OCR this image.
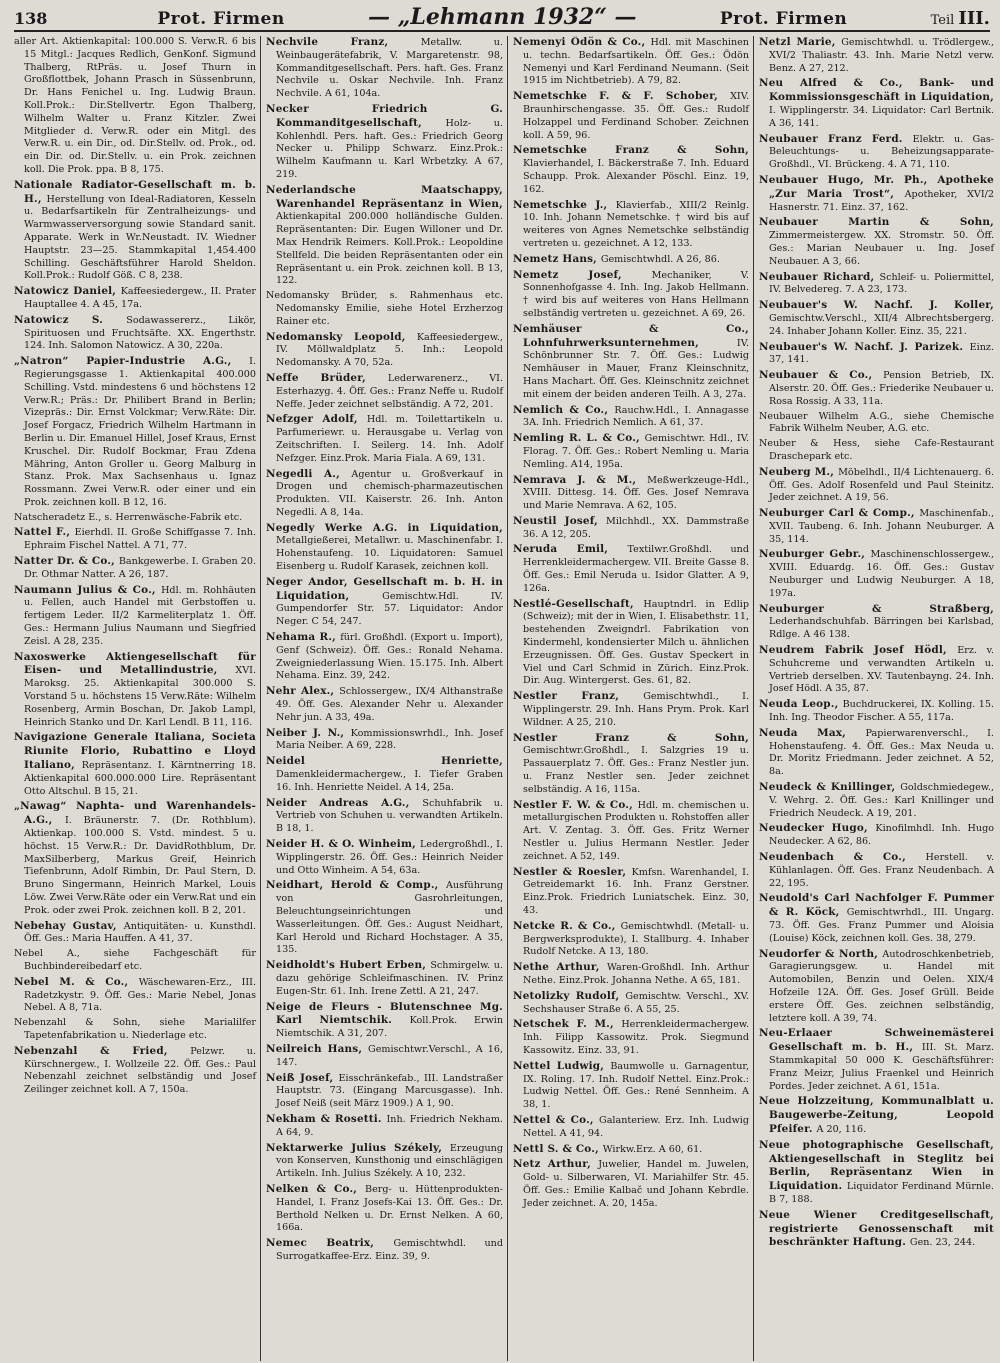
138	Prot. Firmen	— „Lehmann 1932“ —	Prot. Firmen	Teil III.
aller Art. Aktienkapital: 100.000 S. Verw.R. 6 bis 15 Mitgl.: Jacques Redlich, GenKonf. Sigmund Thalberg, RtPräs. u. Josef Thurn in Großflottbek, Johann Prasch in Süssenbrunn, Dr. Hans Fenichel u. Ing. Ludwig Braun. Koll.Prok.: Dir.Stellvertr. Egon Thalberg, Wilhelm Walter u. Franz Kitzler. Zwei Mitglieder d. Verw.R. oder ein Mitgl. des Verw.R. u. ein Dir., od. Dir.Stellv. od. Prok., od. ein Dir. od. Dir.Stellv. u. ein Prok. zeichnen koll. Die Prok. ppa. B 8, 175.
Nationale Radiator-Gesellschaft m. b. H., Herstellung von Ideal-Radiatoren, Kesseln u. Bedarfsartikeln für Zentralheizungs- und Warmwasserversorgung sowie Standard sanit. Apparate. Werk in Wr.Neustadt. IV. Wiedner Hauptstr. 23—25. Stammkapital 1,454.400 Schilling. Geschäftsführer Harold Sheldon. Koll.Prok.: Rudolf Göß. C 8, 238.
Natowicz Daniel, Kaffeesiedergew., II. Prater Hauptallee 4. A 45, 17a.
Natowicz S. Sodawassererz., Likör, Spirituosen und Fruchtsäfte. XX. Engerthstr. 124. Inh. Salomon Natowicz. A 30, 220a.
„Natron“ Papier-Industrie A.G., I. Regierungsgasse 1. Aktienkapital 400.000 Schilling. Vstd. mindestens 6 und höchstens 12 Verw.R.; Präs.: Dr. Philibert Brand in Berlin; Vizepräs.: Dir. Ernst Volckmar; Verw.Räte: Dir. Josef Forgacz, Friedrich Wilhelm Hartmann in Berlin u. Dir. Emanuel Hillel, Josef Kraus, Ernst Kruschel. Dir. Rudolf Bockmar, Frau Zdena Mähring, Anton Groller u. Georg Malburg in Stanz. Prok. Max Sachsenhaus u. Ignaz Rossmann. Zwei Verw.R. oder einer und ein Prok. zeichnen koll. B 12, 16.
Natscheradetz E., s. Herrenwäsche-Fabrik etc.
Nattel F., Eierhdl. II. Große Schiffgasse 7. Inh. Ephraim Fischel Nattel. A 71, 77.
Natter Dr. & Co., Bankgewerbe. I. Graben 20. Dr. Othmar Natter. A 26, 187.
Naumann Julius & Co., Hdl. m. Rohhäuten u. Fellen, auch Handel mit Gerbstoffen u. fertigem Leder. II/2 Karmeliterplatz 1. Öff. Ges.: Hermann Julius Naumann und Siegfried Zeisl. A 28, 235.
Naxoswerke Aktiengesellschaft für Eisen- und Metallindustrie, XVI. Maroksg. 25. Aktienkapital 300.000 S. Vorstand 5 u. höchstens 15 Verw.Räte: Wilhelm Rosenberg, Armin Boschan, Dr. Jakob Lampl, Heinrich Stanko und Dr. Karl Lendl. B 11, 116.
Navigazione Generale Italiana, Societa Riunite Florio, Rubattino e Lloyd Italiano, Repräsentanz. I. Kärntnerring 18. Aktienkapital 600.000.000 Lire. Repräsentant Otto Altschul. B 15, 21.
„Nawag“ Naphta- und Warenhandels-A.G., I. Bräunerstr. 7. (Dr. Rothblum). Aktienkap. 100.000 S. Vstd. mindest. 5 u. höchst. 15 Verw.R.: Dr. DavidRothblum, Dr. MaxSilberberg, Markus Greif, Heinrich Tiefenbrunn, Adolf Rimbin, Dr. Paul Stern, D. Bruno Singermann, Heinrich Markel, Louis Löw. Zwei Verw.Räte oder ein Verw.Rat und ein Prok. oder zwei Prok. zeichnen koll. B 2, 201.
Nebehay Gustav, Antiquitäten- u. Kunsthdl. Öff. Ges.: Maria Hauffen. A 41, 37.
Nebel A., siehe Fachgeschäft für Buchbindereibedarf etc.
Nebel M. & Co., Wäschewaren-Erz., III. Radetzkystr. 9. Öff. Ges.: Marie Nebel, Jonas Nebel. A 8, 71a.
Nebenzahl & Sohn, siehe Marialilfer Tapetenfabrikation u. Niederlage etc.
Nebenzahl & Fried, Pelzwr. u. Kürschnergew., I. Wollzeile 22. Öff. Ges.: Paul Nebenzahl zeichnet selbständig und Josef Zeilinger zeichnet koll. A 7, 150a.
Nechvile Franz, Metallw. u. Weinbaugerätefabrik, V. Margaretenstr. 98, Kommanditgesellschaft. Pers. haft. Ges. Franz Nechvile u. Oskar Nechvile. Inh. Franz Nechvile. A 61, 104a.
Necker Friedrich G. Kommanditgesellschaft, Holz- u. Kohlenhdl. Pers. haft. Ges.: Friedrich Georg Necker u. Philipp Schwarz. Einz.Prok.: Wilhelm Kaufmann u. Karl Wrbetzky. A 67, 219.
Nederlandsche Maatschappy, Warenhandel Repräsentanz in Wien, Aktienkapital 200.000 holländische Gulden. Repräsentanten: Dir. Eugen Willoner und Dr. Max Hendrik Reimers. Koll.Prok.: Leopoldine Stellfeld. Die beiden Repräsentanten oder ein Repräsentant u. ein Prok. zeichnen koll. B 13, 122.
Nedomansky Brüder, s. Rahmenhaus etc. Nedomansky Emilie, siehe Hotel Erzherzog Rainer etc.
Nedomansky Leopold, Kaffeesiedergew., IV. Möllwaldplatz 5. Inh.: Leopold Nedomansky. A 70, 52a.
Neffe Brüder, Lederwarenerz., VI. Esterhazyg. 4. Öff. Ges.: Franz Neffe u. Rudolf Neffe. Jeder zeichnet selbständig. A 72, 201.
Nefzger Adolf, Hdl. m. Toilettartikeln u. Parfumeriewr. u. Herausgabe u. Verlag von Zeitschriften. I. Seilerg. 14. Inh. Adolf Nefzger. Einz.Prok. Maria Fiala. A 69, 131.
Negedli A., Agentur u. Großverkauf in Drogen und chemisch-pharmazeutischen Produkten. VII. Kaiserstr. 26. Inh. Anton Negedli. A 8, 14a.
Negedly Werke A.G. in Liquidation, Metallgießerei, Metallwr. u. Maschinenfabr. I. Hohenstaufeng. 10. Liquidatoren: Samuel Eisenberg u. Rudolf Karasek, zeichnen koll.
Neger Andor, Gesellschaft m. b. H. in Liquidation, Gemischtw.Hdl. IV. Gumpendorfer Str. 57. Liquidator: Andor Neger. C 54, 247.
Nehama R., fürl. Großhdl. (Export u. Import), Genf (Schweiz). Öff. Ges.: Ronald Nehama. Zweigniederlassung Wien. 15.175. Inh. Albert Nehama. Einz. 39, 242.
Nehr Alex., Schlossergew., IX/4 Althanstraße 49. Öff. Ges. Alexander Nehr u. Alexander Nehr jun. A 33, 49a.
Neiber J. N., Kommissionswrhdl., Inh. Josef Maria Neiber. A 69, 228.
Neidel Henriette, Damenkleidermachergew., I. Tiefer Graben 16. Inh. Henriette Neidel. A 14, 25a.
Neider Andreas A.G., Schuhfabrik u. Vertrieb von Schuhen u. verwandten Artikeln. B 18, 1.
Neider H. & O. Winheim, Ledergroßhdl., I. Wipplingerstr. 26. Öff. Ges.: Heinrich Neider und Otto Winheim. A 54, 63a.
Neidhart, Herold & Comp., Ausführung von Gasrohrleitungen, Beleuchtungseinrichtungen und Wasserleitungen. Öff. Ges.: August Neidhart, Karl Herold und Richard Hochstager. A 35, 135.
Neidholdt's Hubert Erben, Schmirgelw. u. dazu gehörige Schleifmaschinen. IV. Prinz Eugen-Str. 61. Inh. Irene Zettl. A 21, 247.
Neige de Fleurs - Blutenschnee Mg. Karl Niemtschik. Koll.Prok. Erwin Niemtschik. A 31, 207.
Neilreich Hans, Gemischtwr.Verschl., A 16, 147.
Neiß Josef, Eisschränkefab., III. Landstraßer Hauptstr. 73. (Eingang Marcusgasse). Inh. Josef Neiß (seit März 1909.) A 1, 90.
Nekham & Rosetti. Inh. Friedrich Nekham. A 64, 9.
Nektarwerke Julius Székely, Erzeugung von Konserven, Kunsthonig und einschlägigen Artikeln. Inh. Julius Székely. A 10, 232.
Nelken & Co., Berg- u. Hüttenprodukten-Handel, I. Franz Josefs-Kai 13. Öff. Ges.: Dr. Berthold Nelken u. Dr. Ernst Nelken. A 60, 166a.
Nemec Beatrix, Gemischtwhdl. und Surrogatkaffee-Erz. Einz. 39, 9.
Nemenyi Ödön & Co., Hdl. mit Maschinen u. techn. Bedarfsartikeln. Öff. Ges.: Ödön Nemenyi und Karl Ferdinand Neumann. (Seit 1915 im Nichtbetrieb). A 79, 82.
Nemetschke F. & F. Schober, XIV. Braunhirschengasse. 35. Öff. Ges.: Rudolf Holzappel und Ferdinand Schober. Zeichnen koll. A 59, 96.
Nemetschke Franz & Sohn, Klavierhandel, I. Bäckerstraße 7. Inh. Eduard Schaupp. Prok. Alexander Pöschl. Einz. 19, 162.
Nemetschke J., Klavierfab., XIII/2 Reinlg. 10. Inh. Johann Nemetschke. † wird bis auf weiteres von Agnes Nemetschke selbständig vertreten u. gezeichnet. A 12, 133.
Nemetz Hans, Gemischtwhdl. A 26, 86.
Nemetz Josef, Mechaniker, V. Sonnenhofgasse 4. Inh. Ing. Jakob Hellmann. † wird bis auf weiteres von Hans Hellmann selbständig vertreten u. gezeichnet. A 69, 26.
Nemhäuser & Co., Lohnfuhrwerksunternehmen, IV. Schönbrunner Str. 7. Öff. Ges.: Ludwig Nemhäuser in Mauer, Franz Kleinschnitz, Hans Machart. Öff. Ges. Kleinschnitz zeichnet mit einem der beiden anderen Teilh. A 3, 27a.
Nemlich & Co., Rauchw.Hdl., I. Annagasse 3A. Inh. Friedrich Nemlich. A 61, 37.
Nemling R. L. & Co., Gemischtwr. Hdl., IV. Florag. 7. Öff. Ges.: Robert Nemling u. Maria Nemling. A14, 195a.
Nemrava J. & M., Meßwerkzeuge-Hdl., XVIII. Dittesg. 14. Öff. Ges. Josef Nemrava und Marie Nemrava. A 62, 105.
Neustil Josef, Milchhdl., XX. Dammstraße 36. A 12, 205.
Neruda Emil, Textilwr.Großhdl. und Herrenkleidermachergew. VII. Breite Gasse 8. Öff. Ges.: Emil Neruda u. Isidor Glatter. A 9, 126a.
Nestlé-Gesellschaft, Hauptndrl. in Edlip (Schweiz); mit der in Wien, I. Elisabethstr. 11, bestehenden Zweigndrl. Fabrikation von Kindermehl, kondensierter Milch u. ähnlichen Erzeugnissen. Öff. Ges. Gustav Speckert in Viel und Carl Schmid in Zürich. Einz.Prok. Dir. Aug. Wintergerst. Ges. 61, 82.
Nestler Franz, Gemischtwhdl., I. Wipplingerstr. 29. Inh. Hans Prym. Prok. Karl Wildner. A 25, 210.
Nestler Franz & Sohn, Gemischtwr.Großhdl., I. Salzgries 19 u. Passauerplatz 7. Öff. Ges.: Franz Nestler jun. u. Franz Nestler sen. Jeder zeichnet selbständig. A 16, 115a.
Nestler F. W. & Co., Hdl. m. chemischen u. metallurgischen Produkten u. Rohstoffen aller Art. V. Zentag. 3. Öff. Ges. Fritz Werner Nestler u. Julius Hermann Nestler. Jeder zeichnet. A 52, 149.
Nestler & Roesler, Kmfsn. Warenhandel, I. Getreidemarkt 16. Inh. Franz Gerstner. Einz.Prok. Friedrich Luniatschek. Einz. 30, 43.
Netcke R. & Co., Gemischtwhdl. (Metall- u. Bergwerksprodukte), I. Stallburg. 4. Inhaber Rudolf Netcke. A 13, 180.
Nethe Arthur, Waren-Großhdl. Inh. Arthur Nethe. Einz.Prok. Johanna Nethe. A 65, 181.
Netolizky Rudolf, Gemischtw. Verschl., XV. Sechshauser Straße 6. A 55, 25.
Netschek F. M., Herrenkleidermachergew. Inh. Filipp Kassowitz. Prok. Siegmund Kassowitz. Einz. 33, 91.
Nettel Ludwig, Baumwolle u. Garnagentur, IX. Roling. 17. Inh. Rudolf Nettel. Einz.Prok.: Ludwig Nettel. Öff. Ges.: René Sennheim. A 38, 1.
Nettel & Co., Galanteriew. Erz. Inh. Ludwig Nettel. A 41, 94.
Nettl S. & Co., Wirkw.Erz. A 60, 61.
Netz Arthur, Juwelier, Handel m. Juwelen, Gold- u. Silberwaren, VI. Mariahilfer Str. 45. Öff. Ges.: Emilie Kalbač und Johann Kebrdle. Jeder zeichnet. A. 20, 145a.
Netzl Marie, Gemischtwhdl. u. Trödlergew., XVI/2 Thaliastr. 43. Inh. Marie Netzl verw. Benz. A 27, 212.
Neu Alfred & Co., Bank- und Kommissionsgeschäft in Liquidation, I. Wipplingerstr. 34. Liquidator: Carl Bertnik. A 36, 141.
Neubauer Franz Ferd. Elektr. u. Gas-Beleuchtungs- u. Beheizungsapparate-Großhdl., VI. Brückeng. 4. A 71, 110.
Neubauer Hugo, Mr. Ph., Apotheke „Zur Maria Trost“, Apotheker, XVI/2 Hasnerstr. 71. Einz. 37, 162.
Neubauer Martin & Sohn, Zimmermeistergew. XX. Stromstr. 50. Öff. Ges.: Marian Neubauer u. Ing. Josef Neubauer. A 3, 66.
Neubauer Richard, Schleif- u. Poliermittel, IV. Belvedereg. 7. A 23, 173.
Neubauer's W. Nachf. J. Koller, Gemischtw.Verschl., XII/4 Albrechtsbergerg. 24. Inhaber Johann Koller. Einz. 35, 221.
Neubauer's W. Nachf. J. Parizek. Einz. 37, 141.
Neubauer & Co., Pension Betrieb, IX. Alserstr. 20. Öff. Ges.: Friederike Neubauer u. Rosa Rossig. A 33, 11a.
Neubauer Wilhelm A.G., siehe Chemische Fabrik Wilhelm Neuber, A.G. etc.
Neuber & Hess, siehe Cafe-Restaurant Draschepark etc.
Neuberg M., Möbelhdl., II/4 Lichtenauerg. 6. Öff. Ges. Adolf Rosenfeld und Paul Steinitz. Jeder zeichnet. A 19, 56.
Neuburger Carl & Comp., Maschinenfab., XVII. Taubeng. 6. Inh. Johann Neuburger. A 35, 114.
Neuburger Gebr., Maschinenschlossergew., XVIII. Eduardg. 16. Öff. Ges.: Gustav Neuburger und Ludwig Neuburger. A 18, 197a.
Neuburger & Straßberg, Lederhandschuhfab. Bärringen bei Karlsbad, Rdlge. A 46 138.
Neudrem Fabrik Josef Hödl, Erz. v. Schuhcreme und verwandten Artikeln u. Vertrieb derselben. XV. Tautenbayng. 24. Inh. Josef Hödl. A 35, 87.
Neuda Leop., Buchdruckerei, IX. Kolling. 15. Inh. Ing. Theodor Fischer. A 55, 117a.
Neuda Max, Papierwarenverschl., I. Hohenstaufeng. 4. Öff. Ges.: Max Neuda u. Dr. Moritz Friedmann. Jeder zeichnet. A 52, 8a.
Neudeck & Knillinger, Goldschmiedegew., V. Wehrg. 2. Öff. Ges.: Karl Knillinger und Friedrich Neudeck. A 19, 201.
Neudecker Hugo, Kinofilmhdl. Inh. Hugo Neudecker. A 62, 86.
Neudenbach & Co., Herstell. v. Kühlanlagen. Öff. Ges. Franz Neudenbach. A 22, 195.
Neudold's Carl Nachfolger F. Pummer & R. Köck, Gemischtwrhdl., III. Ungarg. 73. Öff. Ges. Franz Pummer und Aloisia (Louise) Köck, zeichnen koll. Ges. 38, 279.
Neudorfer & North, Autodroschkenbetrieb, Garagierungsgew. u. Handel mit Automobilen, Benzin und Oelen. XIX/4 Hofzeile 12A. Öff. Ges. Josef Grüll. Beide erstere Öff. Ges. zeichnen selbständig, letztere koll. A 39, 74.
Neu-Erlaaer Schweinemästerei Gesellschaft m. b. H., III. St. Marz. Stammkapital 50 000 K. Geschäftsführer: Franz Meizr, Julius Fraenkel und Heinrich Pordes. Jeder zeichnet. A 61, 151a.
Neue Holzzeitung, Kommunalblatt u. Baugewerbe-Zeitung, Leopold Pfeifer. A 20, 116.
Neue photographische Gesellschaft, Aktiengesellschaft in Steglitz bei Berlin, Repräsentanz Wien in Liquidation. Liquidator Ferdinand Mürnle. B 7, 188.
Neue Wiener Creditgesellschaft, registrierte Genossenschaft mit beschränkter Haftung. Gen. 23, 244.
